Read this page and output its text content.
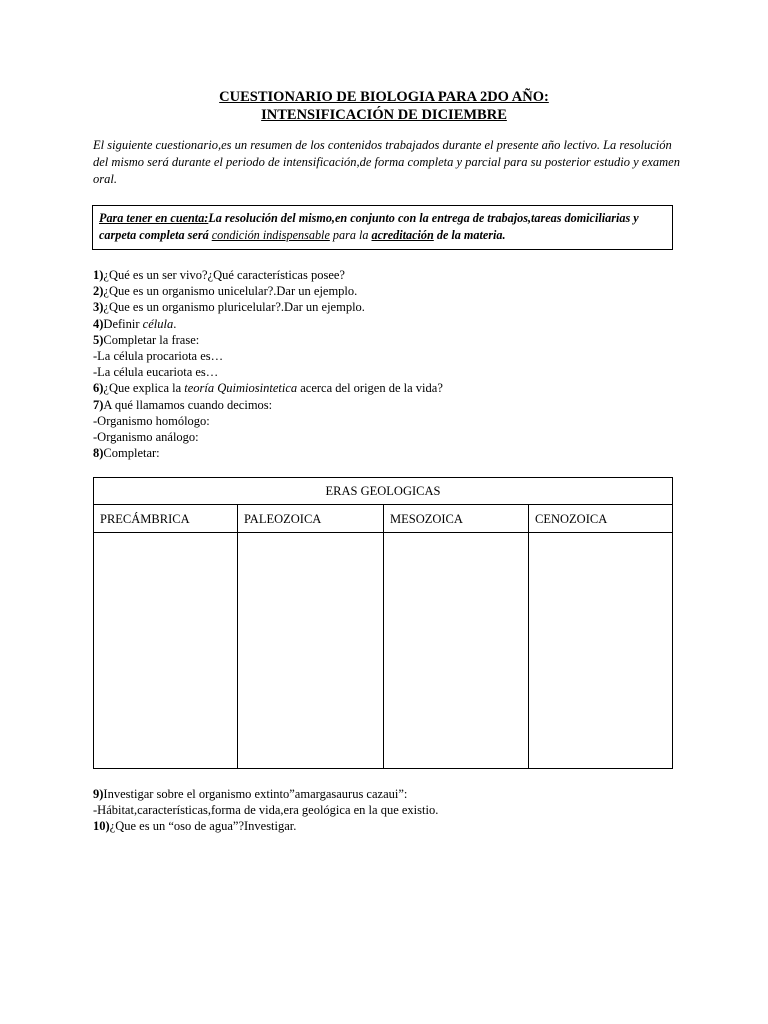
CUESTIONARIO DE BIOLOGIA PARA 2DO AÑO:
INTENSIFICACIÓN DE DICIEMBRE
El siguiente cuestionario,es un resumen de los contenidos trabajados durante el presente año lectivo. La resolución del mismo será durante el periodo de intensificación,de forma completa y parcial para su posterior estudio y examen oral.
Para tener en cuenta:La resolución del mismo,en conjunto con la entrega de trabajos,tareas domiciliarias y carpeta completa será condición indispensable para la acreditación de la materia.
1)¿Qué es un ser vivo?¿Qué características posee?
2)¿Que es un organismo unicelular?.Dar un ejemplo.
3)¿Que es un organismo pluricelular?.Dar un ejemplo.
4)Definir célula.
5)Completar la frase:
-La célula procariota es…
-La célula eucariota es…
6)¿Que explica la teoría Quimiosintetica acerca del origen de la vida?
7)A qué llamamos cuando decimos:
-Organismo homólogo:
-Organismo análogo:
8)Completar:
ERAS GEOLOGICAS
PRECÁMBRICA	PALEOZOICA	MESOZOICA	CENOZOICA
9)Investigar sobre el organismo extinto”amargasaurus cazaui”:
-Hábitat,características,forma de vida,era geológica en la que existio.
10)¿Que es un “oso de agua”?Investigar.
